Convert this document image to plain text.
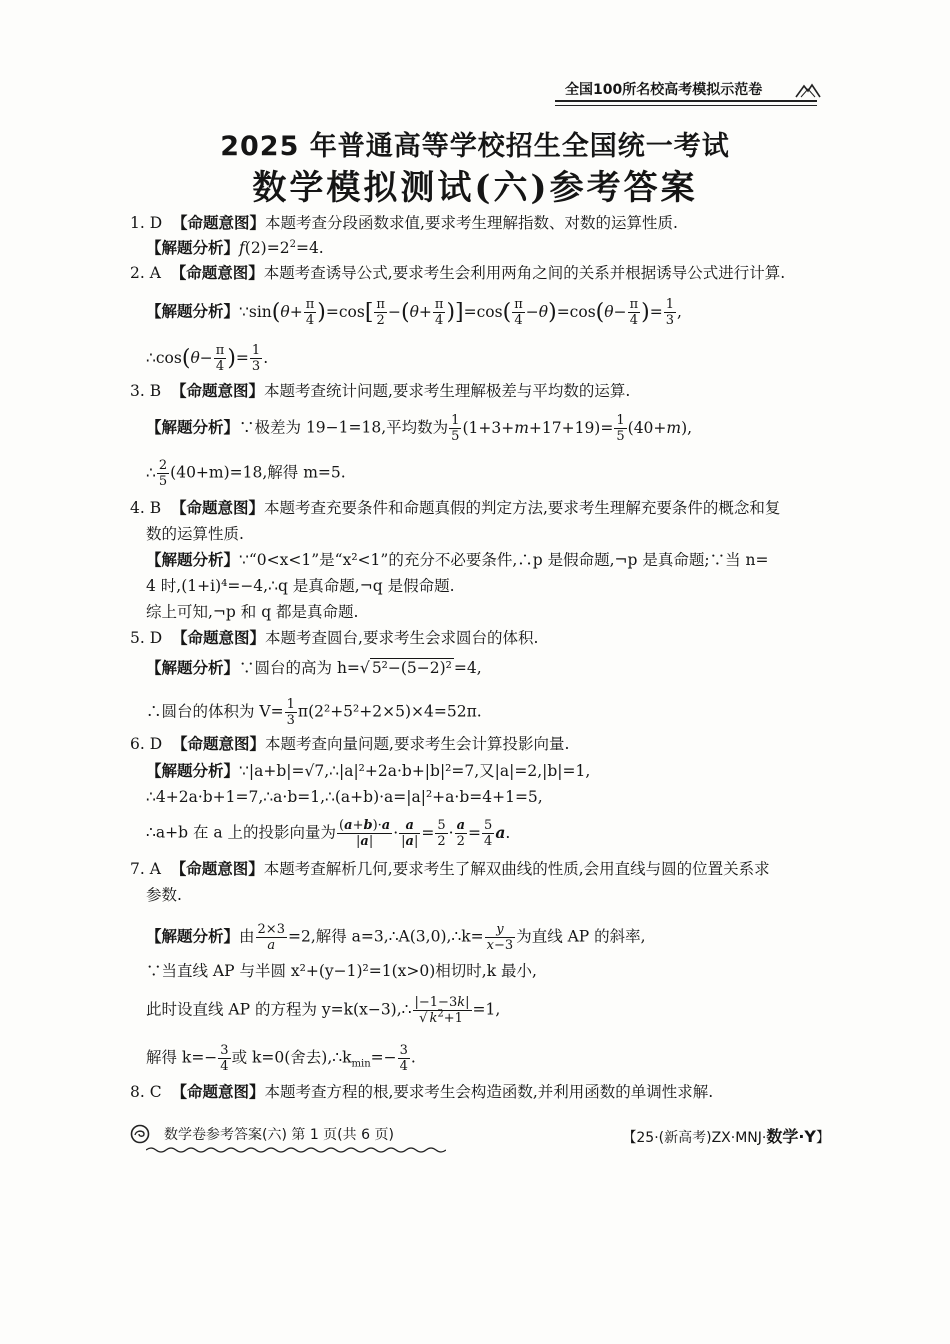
全国100所名校高考模拟示范卷
2025 年普通高等学校招生全国统一考试
数学模拟测试(六)参考答案
1. D 【命题意图】本题考查分段函数求值,要求考生理解指数、对数的运算性质.
【解题分析】$f(2)=2^2=4$.
2. A 【命题意图】本题考查诱导公式,要求考生会利用两角之间的关系并根据诱导公式进行计算.
【解题分析】∵sin(θ+ $\frac{\pi}{4} )=\cos[ \frac{\pi}{2} -(\theta+ \frac{\pi}{4} )]=\cos( \frac{\pi}{4} -\theta)=\cos(\theta- \frac{\pi}{4}$ )= $\frac{1}{3}$ ,
∴cos(θ− $\frac{\pi}{4}$ )= $\frac{1}{3}$ .
3. B 【命题意图】本题考查统计问题,要求考生理解极差与平均数的运算.
【解题分析】∵极差为 19−1=18,平均数为 $\frac{1}{5} (1+3+m+17+19)= \frac{1}{5} (40+m)$,
∴ $\frac{2}{5} (40+m)=18$,解得 m=5.
4. B 【命题意图】本题考查充要条件和命题真假的判定方法,要求考生理解充要条件的概念和复
数的运算性质.
【解题分析】∵“0<x<1”是“x²<1”的充分不必要条件,∴p 是假命题,¬p 是真命题;∵当 n=
4 时,(1+i)⁴=−4,∴q 是真命题,¬q 是假命题.
综上可知,¬p 和 q 都是真命题.
5. D 【命题意图】本题考查圆台,要求考生会求圆台的体积.
【解题分析】∵圆台的高为 h=√ 5²−(5−2)² =4,
∴圆台的体积为 $V= \frac{1}{3} \pi(2^2+5^2+2\times 5)\times 4=52\pi$.
6. D 【命题意图】本题考查向量问题,要求考生会计算投影向量.
【解题分析】∵|a+b|=√7,∴|a|²+2a·b+|b|²=7,又|a|=2,|b|=1,
∴4+2a·b+1=7,∴a·b=1,∴(a+b)·a=|a|²+a·b=4+1=5,
∴a+b 在 a 上的投影向量为 $\frac{(a+b)\cdot a}{|a|} \cdot \frac{a}{|a|} = \frac{5}{2} \cdot \frac{a}{2} = \frac{5}{4} a$.
7. A 【命题意图】本题考查解析几何,要求考生了解双曲线的性质,会用直线与圆的位置关系求
参数.
【解题分析】由 $\frac{2\times 3}{a} =2$,解得 a=3,∴A(3,0),∴k= $\frac{y}{x-3}$ 为直线 AP 的斜率,
∵当直线 AP 与半圆 x²+(y−1)²=1(x>0)相切时,k 最小,
此时设直线 AP 的方程为 y=k(x−3),∴ $\frac{|-1-3k|}{√ k^2+1} =1$,
解得 $k=- \frac{3}{4}$ 或 k=0(舍去)$,\therefore k_{min}=- \frac{3}{4}$ .
8. C 【命题意图】本题考查方程的根,要求考生会构造函数,并利用函数的单调性求解.
数学卷参考答案(六) 第 1 页(共 6 页)	【25·(新高考)ZX·MNJ·数学·Y】
